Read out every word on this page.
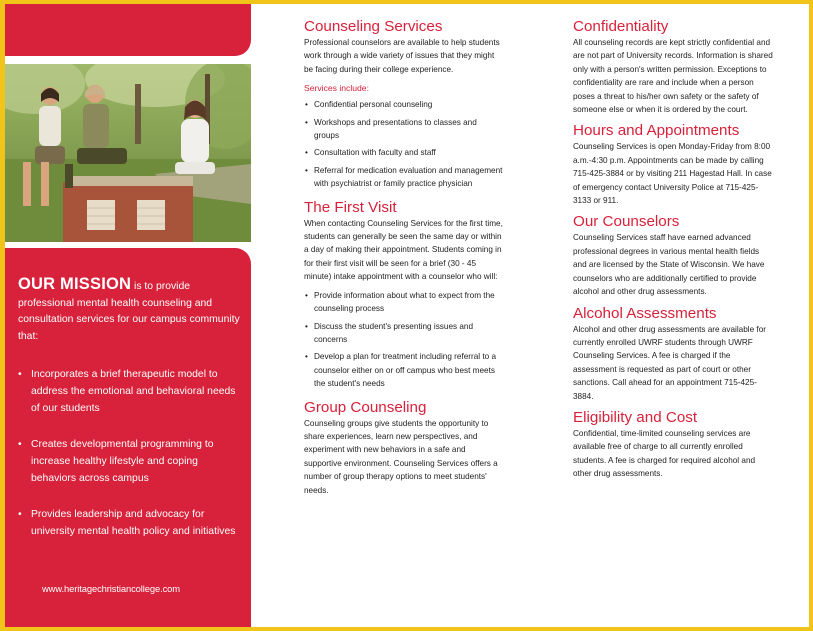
OUR MISSION is to provide professional mental health counseling and consultation services for our campus community that:
• Incorporates a brief therapeutic model to address the emotional and behavioral needs of our students
• Creates developmental programming to increase healthy lifestyle and coping behaviors across campus
• Provides leadership and advocacy for university mental health policy and initiatives
www.heritagechristiancollege.com
Counseling Services

Professional counselors are available to help students work through a wide variety of issues that they might be facing during their college experience.

Services include:
• Confidential personal counseling
• Workshops and presentations to classes and groups
• Consultation with faculty and staff
• Referral for medication evaluation and management with psychiatrist or family practice physician
The First Visit

When contacting Counseling Services for the first time, students can generally be seen the same day or within a day of making their appointment. Students coming in for their first visit will be seen for a brief (30 - 45 minute) intake appointment with a counselor who will:

• Provide information about what to expect from the counseling process
• Discuss the student's presenting issues and concerns
• Develop a plan for treatment including referral to a counselor either on or off campus who best meets the student's needs
Group Counseling

Counseling groups give students the opportunity to share experiences, learn new perspectives, and experiment with new behaviors in a safe and supportive environment. Counseling Services offers a number of group therapy options to meet students' needs.

Confidentiality

All counseling records are kept strictly confidential and are not part of University records. Information is shared only with a person's written permission. Exceptions to confidentiality are rare and include when a person poses a threat to his/her own safety or the safety of someone else or when it is ordered by the court.

Hours and Appointments

Counseling Services is open Monday-Friday from 8:00 a.m.-4:30 p.m. Appointments can be made by calling 715-425-3884 or by visiting 211 Hagestad Hall. In case of emergency contact University Police at 715-425-3133 or 911.

Our Counselors

Counseling Services staff have earned advanced professional degrees in various mental health fields and are licensed by the State of Wisconsin. We have counselors who are additionally certified to provide alcohol and other drug assessments.

Alcohol Assessments

Alcohol and other drug assessments are available for currently enrolled UWRF students through UWRF Counseling Services. A fee is charged if the assessment is requested as part of court or other sanctions. Call ahead for an appointment 715-425-3884.

Eligibility and Cost

Confidential, time-limited counseling services are available free of charge to all currently enrolled students. A fee is charged for required alcohol and other drug assessments.
